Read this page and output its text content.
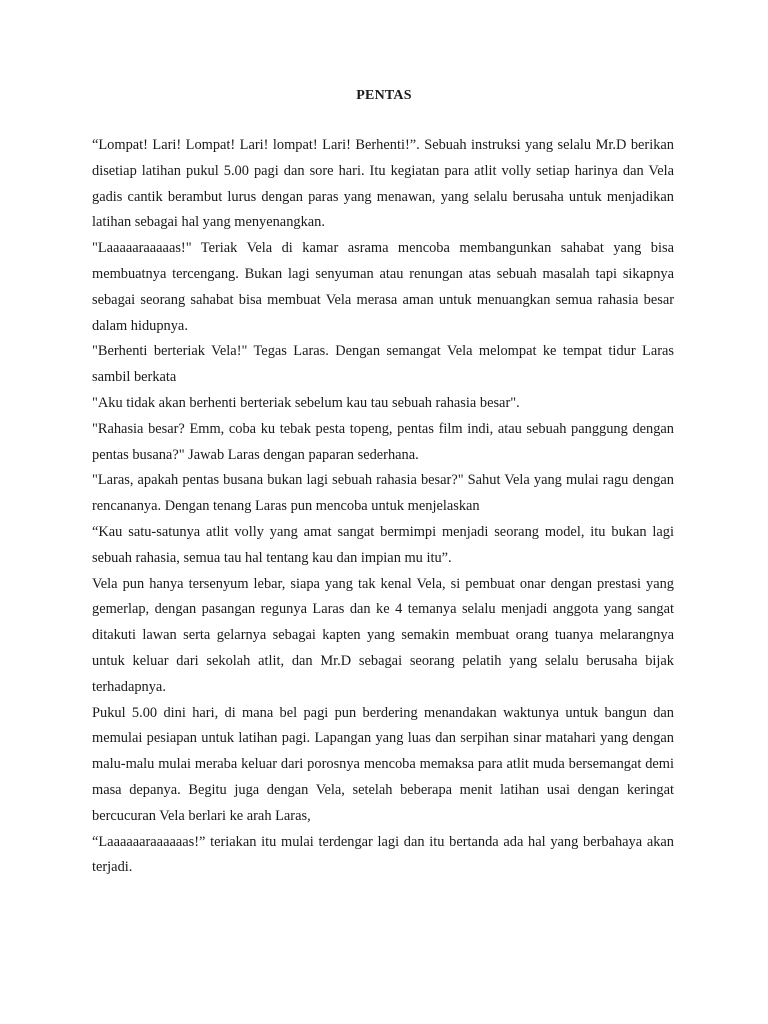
PENTAS

“Lompat! Lari! Lompat! Lari! lompat! Lari! Berhenti!”. Sebuah instruksi yang selalu Mr.D berikan disetiap latihan pukul 5.00 pagi dan sore hari. Itu kegiatan para atlit volly setiap harinya dan Vela gadis cantik berambut lurus dengan paras yang menawan, yang selalu berusaha untuk menjadikan latihan sebagai hal yang menyenangkan.

"Laaaaaraaaaas!" Teriak Vela di kamar asrama mencoba membangunkan sahabat yang bisa membuatnya tercengang. Bukan lagi senyuman atau renungan atas sebuah masalah tapi sikapnya sebagai seorang sahabat bisa membuat Vela merasa aman untuk menuangkan semua rahasia besar dalam hidupnya.

"Berhenti berteriak Vela!" Tegas Laras. Dengan semangat Vela melompat ke tempat tidur Laras sambil berkata

"Aku tidak akan berhenti berteriak sebelum kau tau sebuah rahasia besar".

"Rahasia besar? Emm, coba ku tebak pesta topeng, pentas film indi, atau sebuah panggung dengan pentas busana?" Jawab Laras dengan paparan sederhana.

"Laras, apakah pentas busana bukan lagi sebuah rahasia besar?" Sahut Vela yang mulai ragu dengan rencananya. Dengan tenang Laras pun mencoba untuk menjelaskan

“Kau satu-satunya atlit volly yang amat sangat bermimpi menjadi seorang model, itu bukan lagi sebuah rahasia, semua tau hal tentang kau dan impian mu itu”.

Vela pun hanya tersenyum lebar, siapa yang tak kenal Vela, si pembuat onar dengan prestasi yang gemerlap, dengan pasangan regunya Laras dan ke 4 temanya selalu menjadi anggota yang sangat ditakuti lawan serta gelarnya sebagai kapten yang semakin membuat orang tuanya melarangnya untuk keluar dari sekolah atlit, dan Mr.D sebagai seorang pelatih yang selalu berusaha bijak terhadapnya.

Pukul 5.00 dini hari, di mana bel pagi pun berdering menandakan waktunya untuk bangun dan memulai pesiapan untuk latihan pagi. Lapangan yang luas dan serpihan sinar matahari yang dengan malu-malu mulai meraba keluar dari porosnya mencoba memaksa para atlit muda bersemangat demi masa depanya. Begitu juga dengan Vela, setelah beberapa menit latihan usai dengan keringat bercucuran Vela berlari ke arah Laras,

“Laaaaaaraaaaaas!” teriakan itu mulai terdengar lagi dan itu bertanda ada hal yang berbahaya akan terjadi.
